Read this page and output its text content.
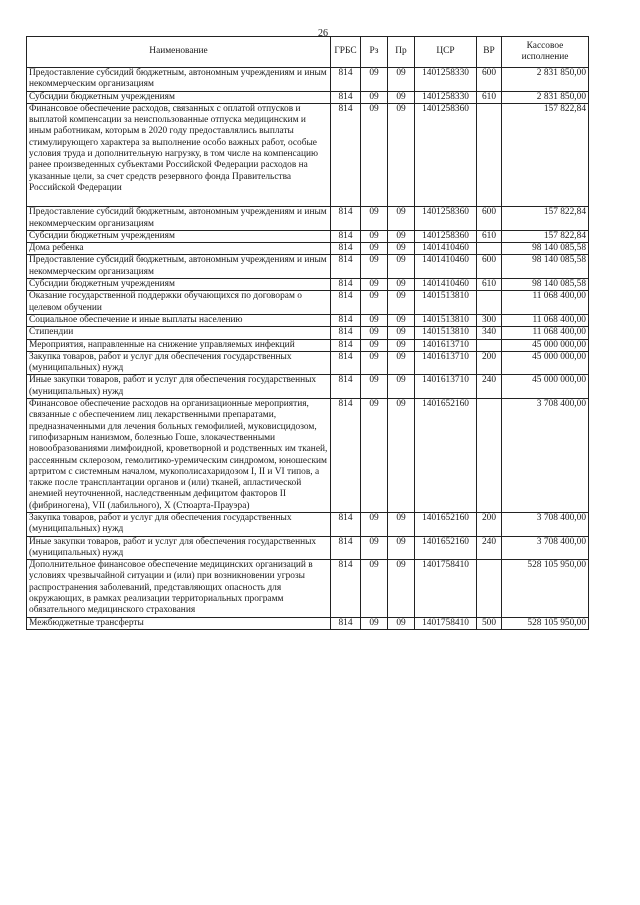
26
Наименование	ГРБС	Рз	Пр	ЦСР	ВР	Кассовое исполнение
Предоставление субсидий бюджетным, автономным учреждениям и иным некоммерческим организациям	814	09	09	1401258330	600	2 831 850,00
Субсидии бюджетным учреждениям	814	09	09	1401258330	610	2 831 850,00
Финансовое обеспечение расходов, связанных с оплатой отпусков и выплатой компенсации за неиспользованные отпуска медицинским и иным работникам, которым в 2020 году предоставлялись выплаты стимулирующего характера за выполнение особо важных работ, особые условия труда и дополнительную нагрузку, в том числе на компенсацию ранее произведенных субъектами Российской Федерации расходов на указанные цели, за счет средств резервного фонда Правительства Российской Федерации	814	09	09	1401258360		157 822,84
Предоставление субсидий бюджетным, автономным учреждениям и иным некоммерческим организациям	814	09	09	1401258360	600	157 822,84
Субсидии бюджетным учреждениям	814	09	09	1401258360	610	157 822,84
Дома ребенка	814	09	09	1401410460		98 140 085,58
Предоставление субсидий бюджетным, автономным учреждениям и иным некоммерческим организациям	814	09	09	1401410460	600	98 140 085,58
Субсидии бюджетным учреждениям	814	09	09	1401410460	610	98 140 085,58
Оказание государственной поддержки обучающихся по договорам о целевом обучении	814	09	09	1401513810		11 068 400,00
Социальное обеспечение и иные выплаты населению	814	09	09	1401513810	300	11 068 400,00
Стипендии	814	09	09	1401513810	340	11 068 400,00
Мероприятия, направленные на снижение управляемых инфекций	814	09	09	1401613710		45 000 000,00
Закупка товаров, работ и услуг для обеспечения государственных (муниципальных) нужд	814	09	09	1401613710	200	45 000 000,00
Иные закупки товаров, работ и услуг для обеспечения государственных (муниципальных) нужд	814	09	09	1401613710	240	45 000 000,00
Финансовое обеспечение расходов на организационные мероприятия, связанные с обеспечением лиц лекарственными препаратами, предназначенными для лечения больных гемофилией, муковисцидозом, гипофизарным нанизмом, болезнью Гоше, злокачественными новообразованиями лимфоидной, кроветворной и родственных им тканей, рассеянным склерозом, гемолитико-уремическим синдромом, юношеским артритом с системным началом, мукополисахаридозом I, II и VI типов, а также после трансплантации органов и (или) тканей, апластической анемией неуточненной, наследственным дефицитом факторов II (фибриногена), VII (лабильного), X (Стюарта-Прауэра)	814	09	09	1401652160		3 708 400,00
Закупка товаров, работ и услуг для обеспечения государственных (муниципальных) нужд	814	09	09	1401652160	200	3 708 400,00
Иные закупки товаров, работ и услуг для обеспечения государственных (муниципальных) нужд	814	09	09	1401652160	240	3 708 400,00
Дополнительное финансовое обеспечение медицинских организаций в условиях чрезвычайной ситуации и (или) при возникновении угрозы распространения заболеваний, представляющих опасность для окружающих, в рамках реализации территориальных программ обязательного медицинского страхования	814	09	09	1401758410		528 105 950,00
Межбюджетные трансферты	814	09	09	1401758410	500	528 105 950,00
